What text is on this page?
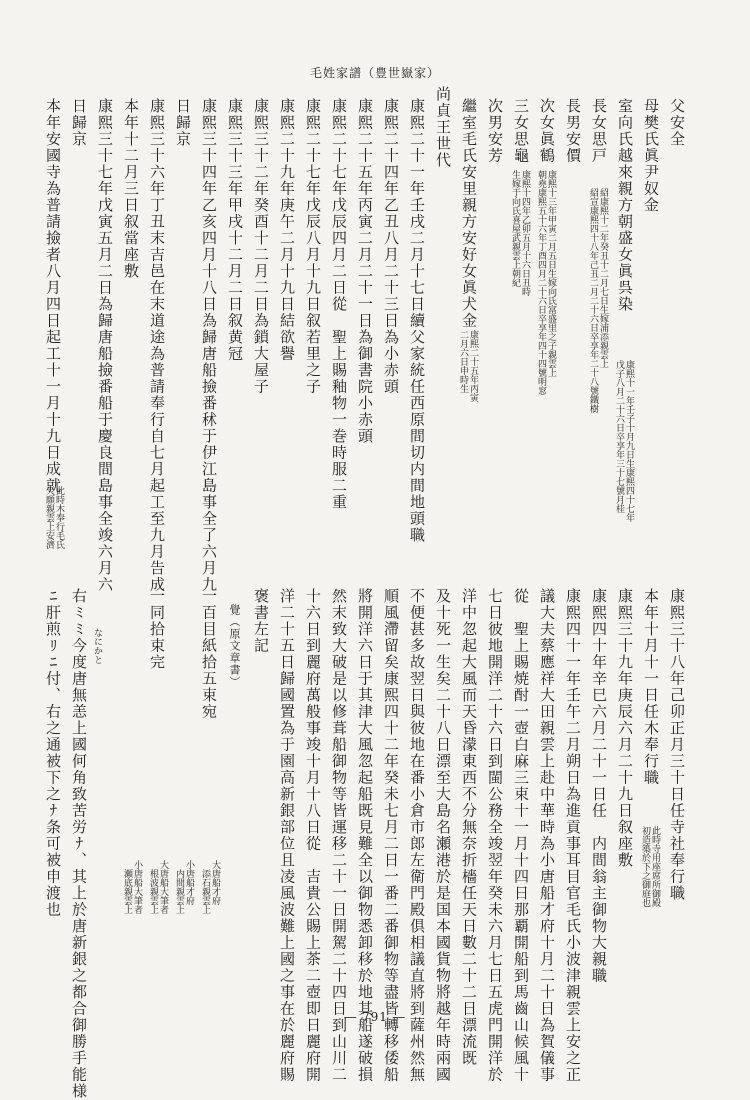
毛姓家譜（豊世嶽家）
父安全
母樊氏眞尹奴金
室向氏越來親方朝盛女眞呉染
長女思戸
長男安價
次女眞鶴
三女思龜
次男安芳
繼室毛氏安里親方安好女眞犬金
尚貞王世代
康熙二十一年壬戌二月十七日續父家統任西原間切内間地頭職
康熙二十四年乙丑八月二十三日為小赤頭
康熙二十五年丙寅二月二十一日為御書院小赤頭
康熙二十七年戊辰四月二日從　聖上賜釉物一巻時服二重
康熙二十七年戊辰八月十九日叙若里之子
康熙二十九年庚午二月十九日結欲譽
康熙三十二年癸酉十二月二日為鎖大屋子
康熙三十三年甲戌十二月二日叙黄冠
康熙三十四年乙亥四月十八日為歸唐船撿番秫于伊江島事全了六月九
日歸京
康熙三十六年丁丑末吉邑在末道途為普請奉行自七月起工至九月告成
本年十二月三日叙當座敷
康熙三十七年戊寅五月二日為歸唐船撿番船于慶良間島事全竣六月六
日歸京
本年安國寺為普請撿者八月四日起工十一月十九日成就	康熙十一年壬子十月九日生康熙四十七年
戊子八月二十六日卒享年三十七號月桂
紹康熙十二年癸丑十二月七日生嫁浦添親雲上
紹宣康熙四十八年己丑二月二十六日卒享年二十八號鐵樹
康熙十三年甲寅二月五日生嫁向氏富盛里之子親雲上
朝堯康熙五十六年丁酉四月二十六日卒享年四十四號明窓
康熙十四年乙卯五月十六日丑時
生嫁于向氏喜屋武親雲上朝紀
康熙二十五年丙寅
二月六日申時生
此時木奉行毛氏
天願親雲上安濟
康熙三十八年己卯正月三十日任寺社奉行職
本年十月十一日任木奉行職
康熙三十九年庚辰六月二十九日叙座敷
康熙四十年辛巳六月二十一日任　内間翁主御物大親職
康熙四十一年壬午二月朔日為進貢事耳目官毛氏小波津親雲上安之正
議大夫蔡應祥大田親雲上赴中華時為小唐船才府十月二十日為賀儀事
從　聖上賜焼酎一壺白麻三束十一月十四日那覇開船到馬齒山候風十
七日彼地開洋二十六日到閩公務全竣翌年癸未六月七日五虎門開洋於
洋中忽起大風而天昏濛東西不分無奈折檣任天日數二十二日漂流既
及十死一生矣二十八日漂至大島名瀬港於是国本國貨物將越年時兩國
不便甚多故翌日與彼地在番小倉市郎左衛門殿俱相議直將到薩州然無
順風滯留矣康熙四十二年癸未七月二日一番二番御物等盡皆轉移倭船
將開洋六日于其津大風忽起船既見難全以御物悉卸移於地其船遂破損
然末致大破是以修葺船御物等皆運移二十一日開駕二十四日到山川二
十六日到麗府萬般事竣十月十八日從　吉貴公賜上茶二壺即日麗府開
洋二十五日歸國置為于園高新銀部位且凌風波難上國之事在於麗府賜
褒書左記
覺（原文章書）
一百目紙拾五束宛
一同拾束完
右ﾐﾐ今度唐無恙上國何角致苦労ﾅ、其上於唐新銀之都合御勝手能様
ﾆ肝煎ﾘﾆ付、右之通被下之ﾅ条可被申渡也	此時寺用座席所御殿
初造築於下之御庭也
大唐船才府
　添石親雲上
小唐船才府
　内間親雲上
大唐船大筆者
　根波親雲上
小唐船大筆者
　瀬底親雲上
なにかと
― 791 ―
